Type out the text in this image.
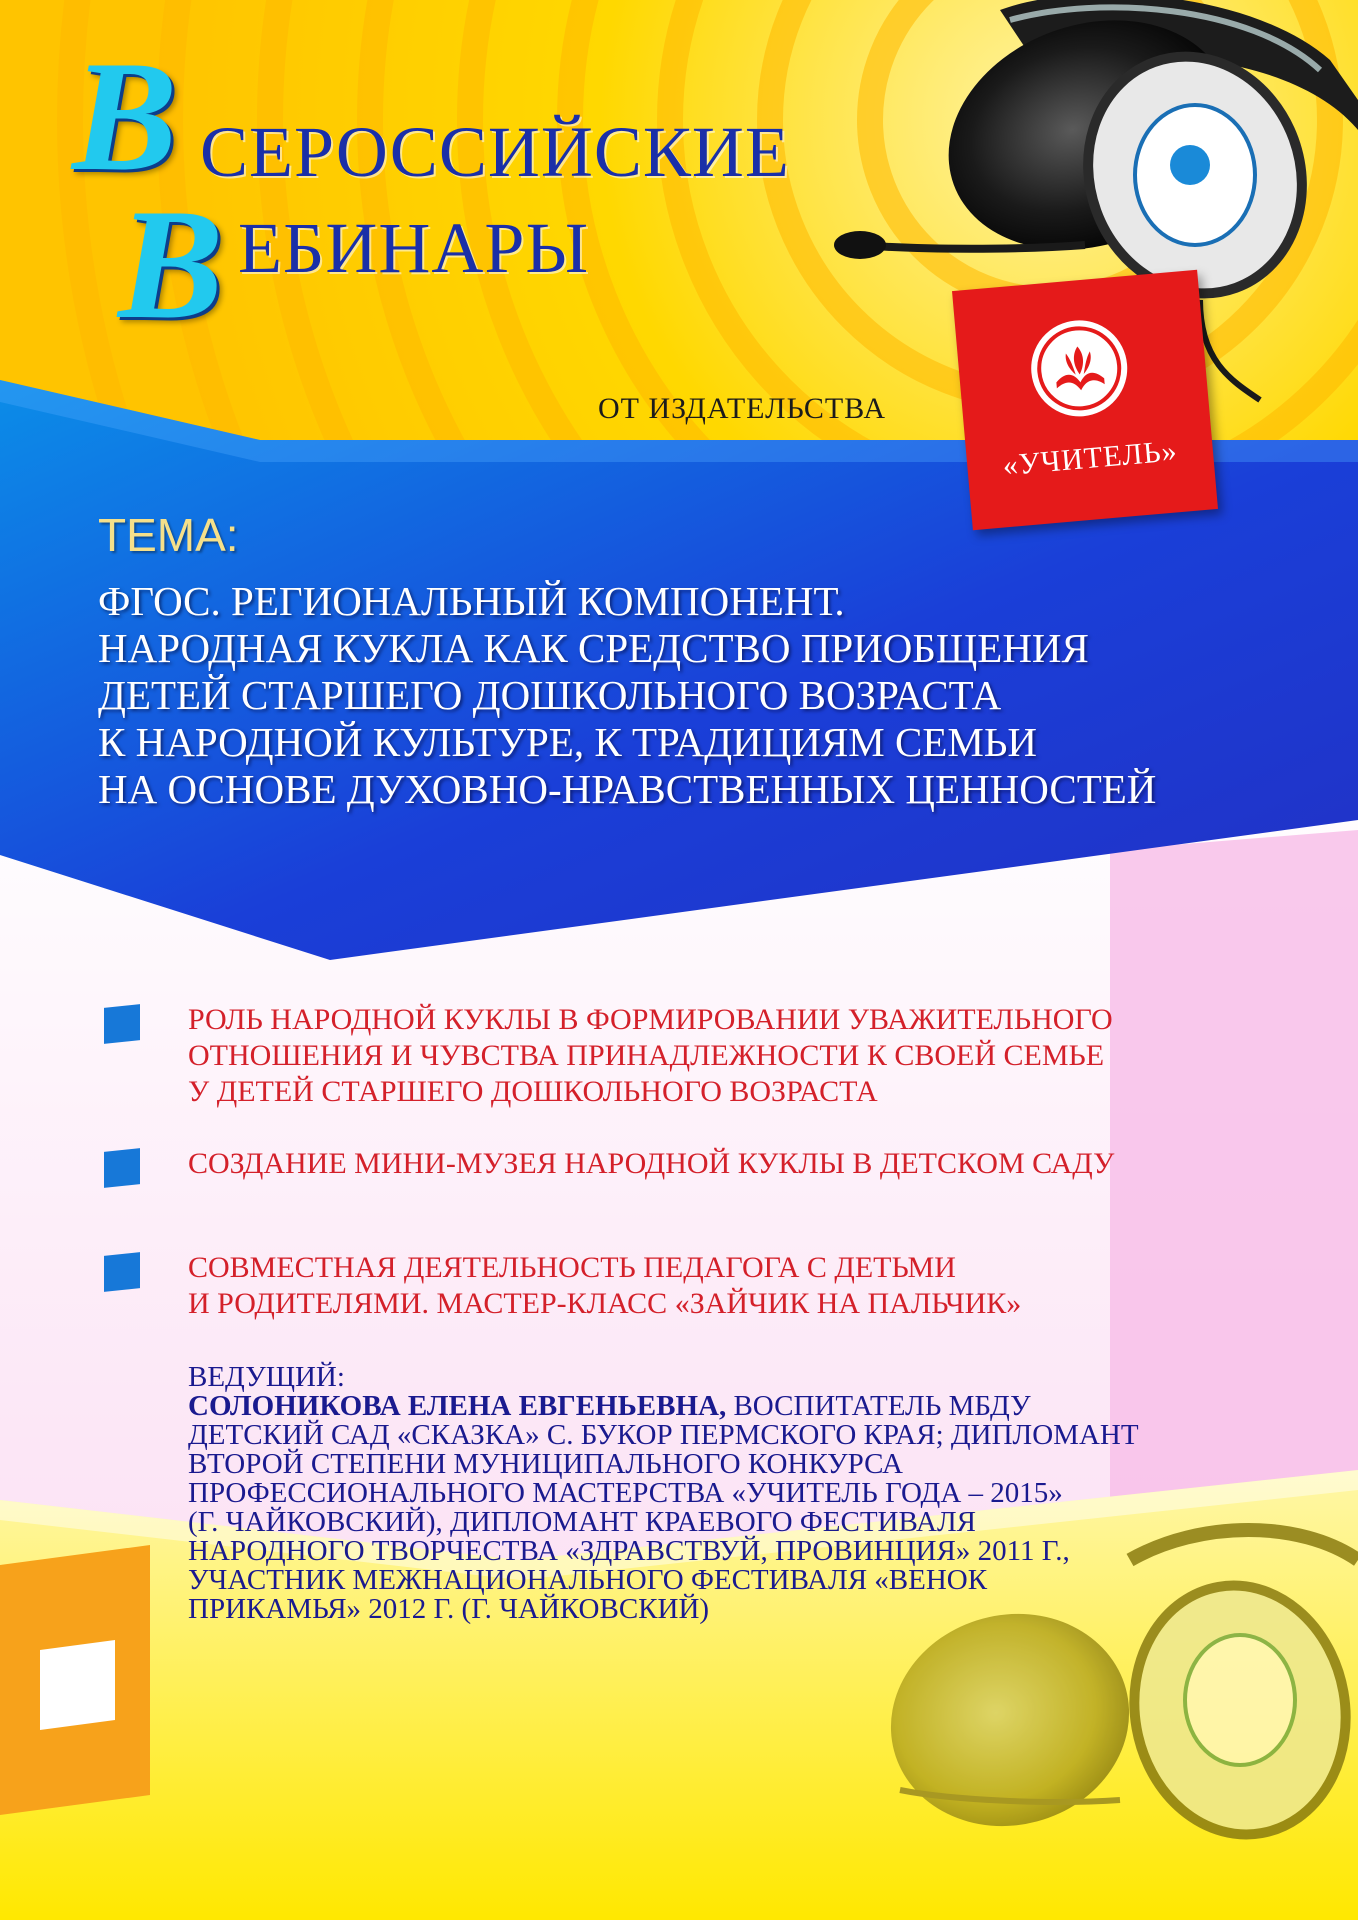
В СЕРОССИЙСКИЕ
В ЕБИНАРЫ
ОТ ИЗДАТЕЛЬСТВА
«УЧИТЕЛЬ»
ТЕМА:
ФГОС. РЕГИОНАЛЬНЫЙ КОМПОНЕНТ.
НАРОДНАЯ КУКЛА КАК СРЕДСТВО ПРИОБЩЕНИЯ
ДЕТЕЙ СТАРШЕГО ДОШКОЛЬНОГО ВОЗРАСТА
К НАРОДНОЙ КУЛЬТУРЕ, К ТРАДИЦИЯМ СЕМЬИ
НА ОСНОВЕ ДУХОВНО-НРАВСТВЕННЫХ ЦЕННОСТЕЙ
РОЛЬ НАРОДНОЙ КУКЛЫ В ФОРМИРОВАНИИ УВАЖИТЕЛЬНОГО
ОТНОШЕНИЯ И ЧУВСТВА ПРИНАДЛЕЖНОСТИ К СВОЕЙ СЕМЬЕ
У ДЕТЕЙ СТАРШЕГО ДОШКОЛЬНОГО ВОЗРАСТА
СОЗДАНИЕ МИНИ-МУЗЕЯ НАРОДНОЙ КУКЛЫ В ДЕТСКОМ САДУ
СОВМЕСТНАЯ ДЕЯТЕЛЬНОСТЬ ПЕДАГОГА С ДЕТЬМИ
И РОДИТЕЛЯМИ. МАСТЕР-КЛАСС «ЗАЙЧИК НА ПАЛЬЧИК»
ВЕДУЩИЙ:
СОЛОНИКОВА ЕЛЕНА ЕВГЕНЬЕВНА, ВОСПИТАТЕЛЬ МБДУ
ДЕТСКИЙ САД «СКАЗКА» С. БУКОР ПЕРМСКОГО КРАЯ; ДИПЛОМАНТ
ВТОРОЙ СТЕПЕНИ МУНИЦИПАЛЬНОГО КОНКУРСА
ПРОФЕССИОНАЛЬНОГО МАСТЕРСТВА «УЧИТЕЛЬ ГОДА – 2015»
(Г. ЧАЙКОВСКИЙ), ДИПЛОМАНТ КРАЕВОГО ФЕСТИВАЛЯ
НАРОДНОГО ТВОРЧЕСТВА «ЗДРАВСТВУЙ, ПРОВИНЦИЯ» 2011 Г.,
УЧАСТНИК МЕЖНАЦИОНАЛЬНОГО ФЕСТИВАЛЯ «ВЕНОК
ПРИКАМЬЯ» 2012 Г. (Г. ЧАЙКОВСКИЙ)
